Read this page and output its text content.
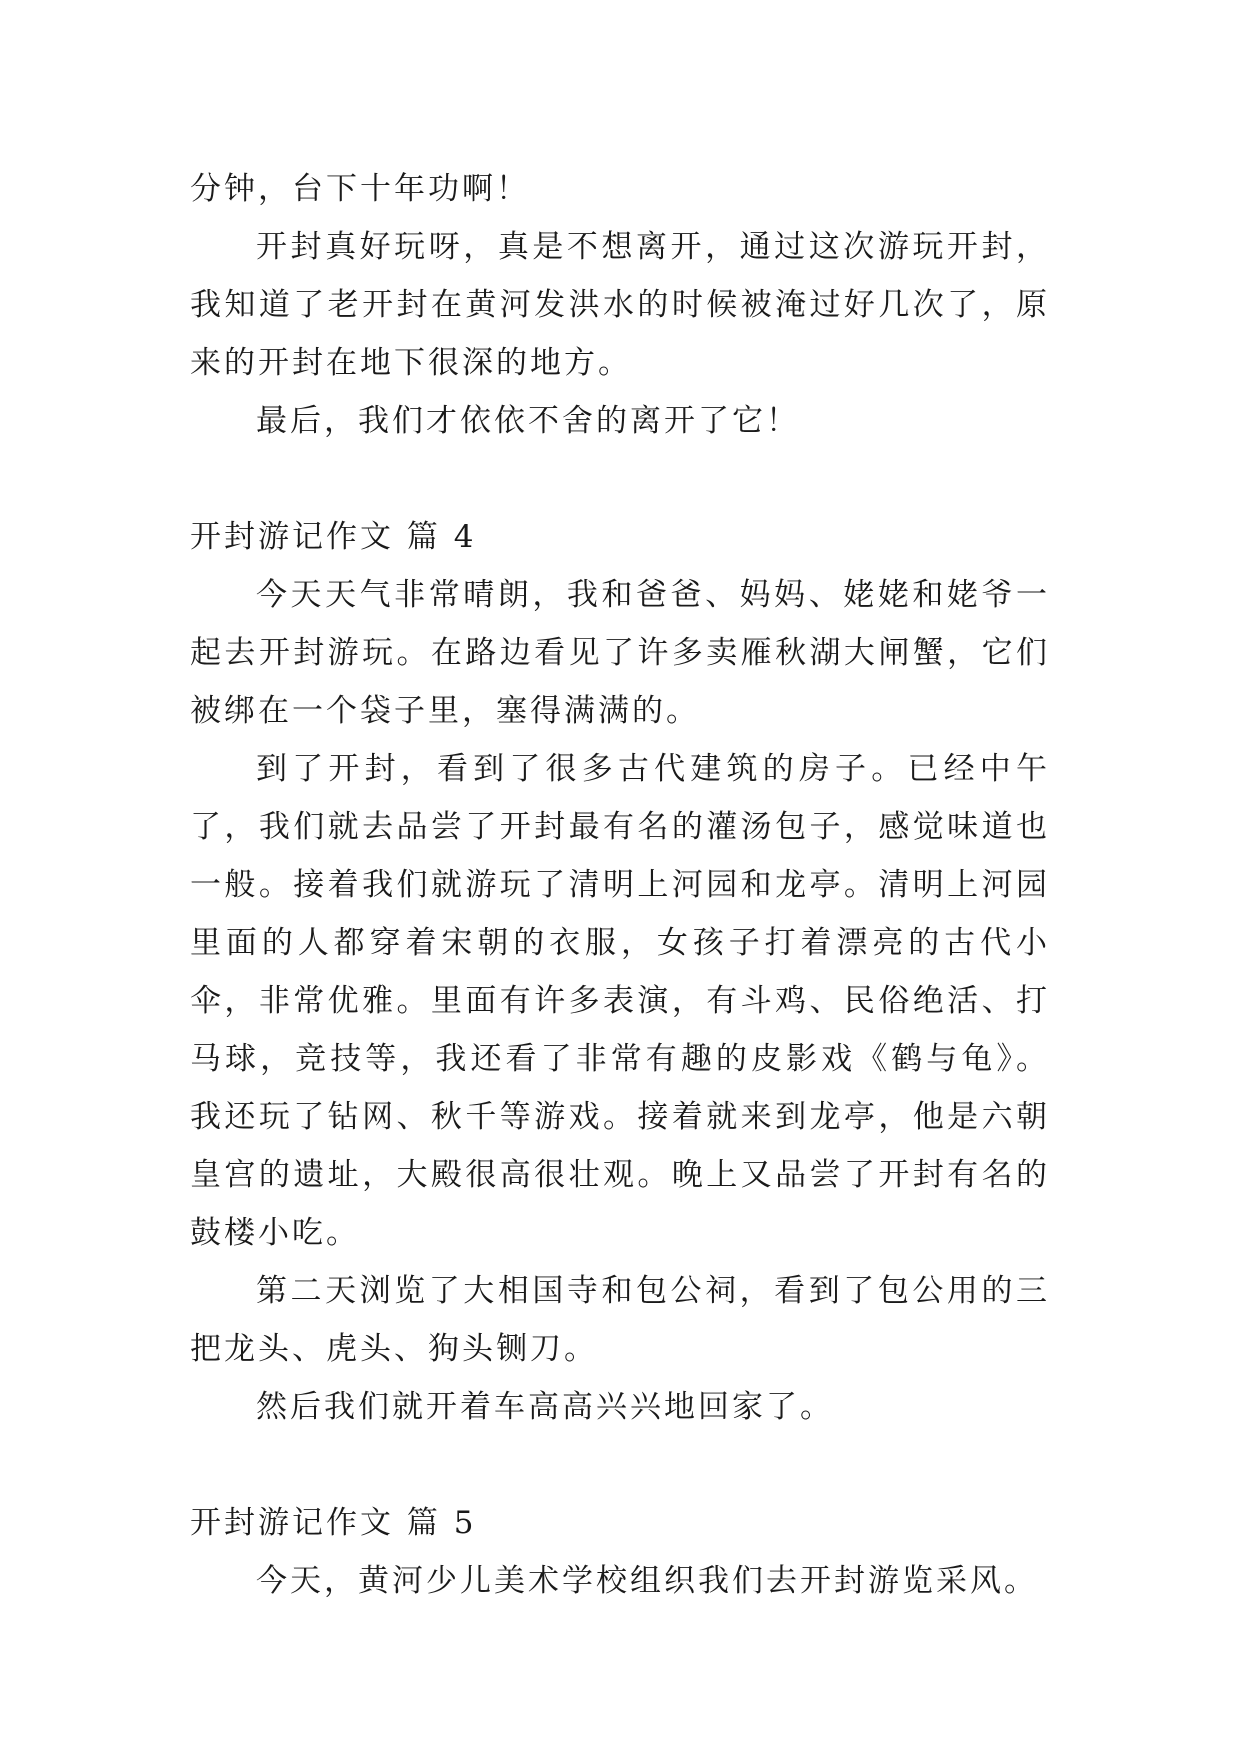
分钟，台下十年功啊！

开封真好玩呀，真是不想离开，通过这次游玩开封，我知道了老开封在黄河发洪水的时候被淹过好几次了，原来的开封在地下很深的地方。

最后，我们才依依不舍的离开了它！

开封游记作文 篇 4

今天天气非常晴朗，我和爸爸、妈妈、姥姥和姥爷一起去开封游玩。在路边看见了许多卖雁秋湖大闸蟹，它们被绑在一个袋子里，塞得满满的。

到了开封，看到了很多古代建筑的房子。已经中午了，我们就去品尝了开封最有名的灌汤包子，感觉味道也一般。接着我们就游玩了清明上河园和龙亭。清明上河园里面的人都穿着宋朝的衣服，女孩子打着漂亮的古代小伞，非常优雅。里面有许多表演，有斗鸡、民俗绝活、打马球，竞技等，我还看了非常有趣的皮影戏《鹤与龟》。我还玩了钻网、秋千等游戏。接着就来到龙亭，他是六朝皇宫的遗址，大殿很高很壮观。晚上又品尝了开封有名的鼓楼小吃。

第二天浏览了大相国寺和包公祠，看到了包公用的三把龙头、虎头、狗头铡刀。

然后我们就开着车高高兴兴地回家了。

开封游记作文 篇 5

今天，黄河少儿美术学校组织我们去开封游览采风。
